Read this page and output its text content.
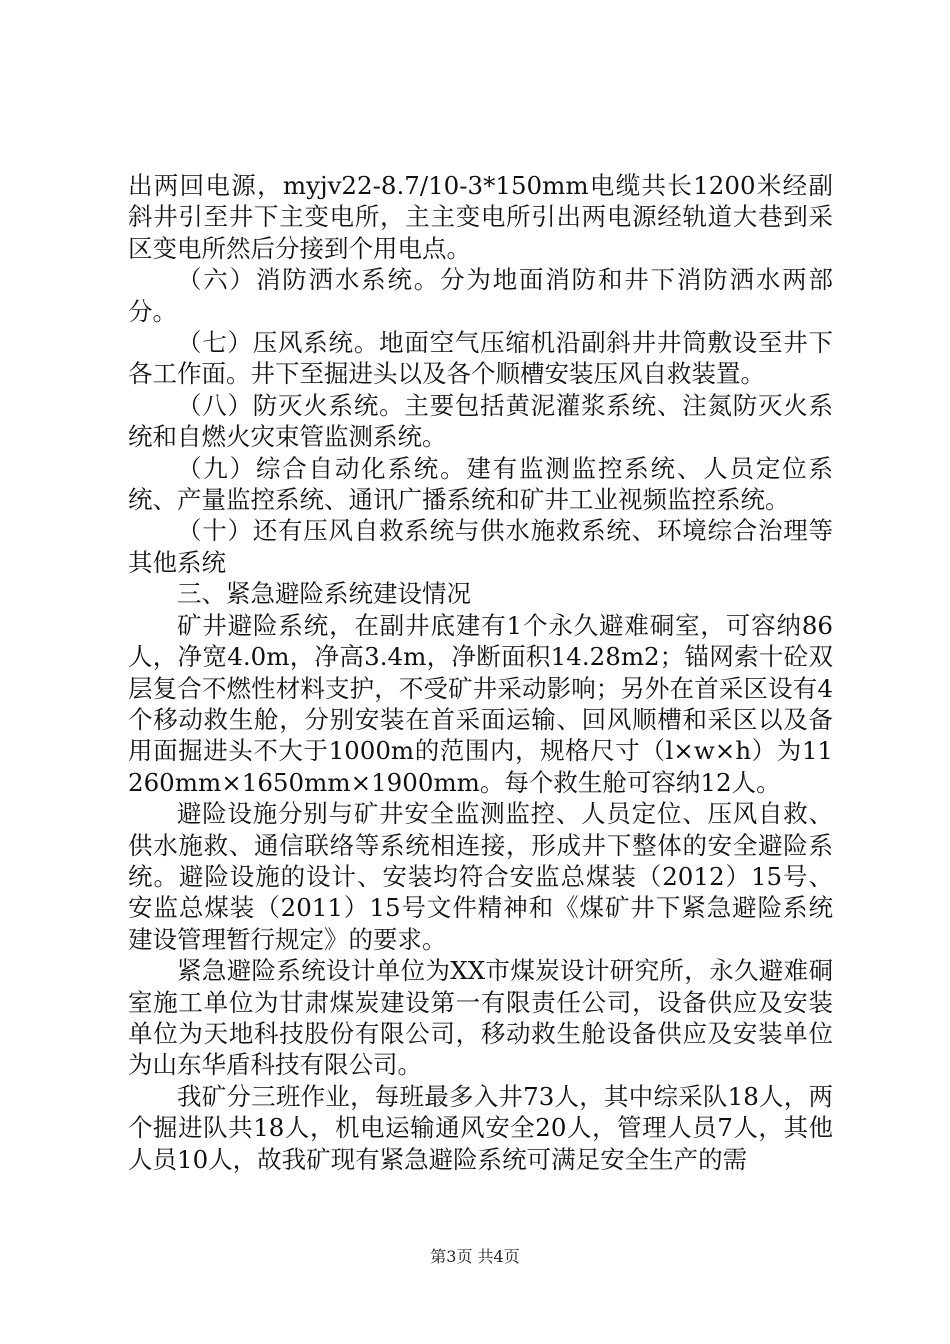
出两回电源，myjv22-8.7/10-3*150mm电缆共长1200米经副斜井引至井下主变电所，主主变电所引出两电源经轨道大巷到采区变电所然后分接到个用电点。

（六）消防洒水系统。分为地面消防和井下消防洒水两部分。

（七）压风系统。地面空气压缩机沿副斜井井筒敷设至井下各工作面。井下至掘进头以及各个顺槽安装压风自救装置。

（八）防灭火系统。主要包括黄泥灌浆系统、注氮防灭火系统和自燃火灾束管监测系统。

（九）综合自动化系统。建有监测监控系统、人员定位系统、产量监控系统、通讯广播系统和矿井工业视频监控系统。

（十）还有压风自救系统与供水施救系统、环境综合治理等其他系统

三、紧急避险系统建设情况

矿井避险系统，在副井底建有1个永久避难硐室，可容纳86人，净宽4.0m，净高3.4m，净断面积14.28m2；锚网索十砼双层复合不燃性材料支护，不受矿井采动影响；另外在首采区设有4个移动救生舱，分别安装在首采面运输、回风顺槽和采区以及备用面掘进头不大于1000m的范围内，规格尺寸（l×w×h）为11260mm×1650mm×1900mm。每个救生舱可容纳12人。

避险设施分别与矿井安全监测监控、人员定位、压风自救、供水施救、通信联络等系统相连接，形成井下整体的安全避险系统。避险设施的设计、安装均符合安监总煤装（2012）15号、安监总煤装（2011）15号文件精神和《煤矿井下紧急避险系统建设管理暂行规定》的要求。

紧急避险系统设计单位为XX市煤炭设计研究所，永久避难硐室施工单位为甘肃煤炭建设第一有限责任公司，设备供应及安装单位为天地科技股份有限公司，移动救生舱设备供应及安装单位为山东华盾科技有限公司。

我矿分三班作业，每班最多入井73人，其中综采队18人，两个掘进队共18人，机电运输通风安全20人，管理人员7人，其他人员10人，故我矿现有紧急避险系统可满足安全生产的需

第3页 共4页
